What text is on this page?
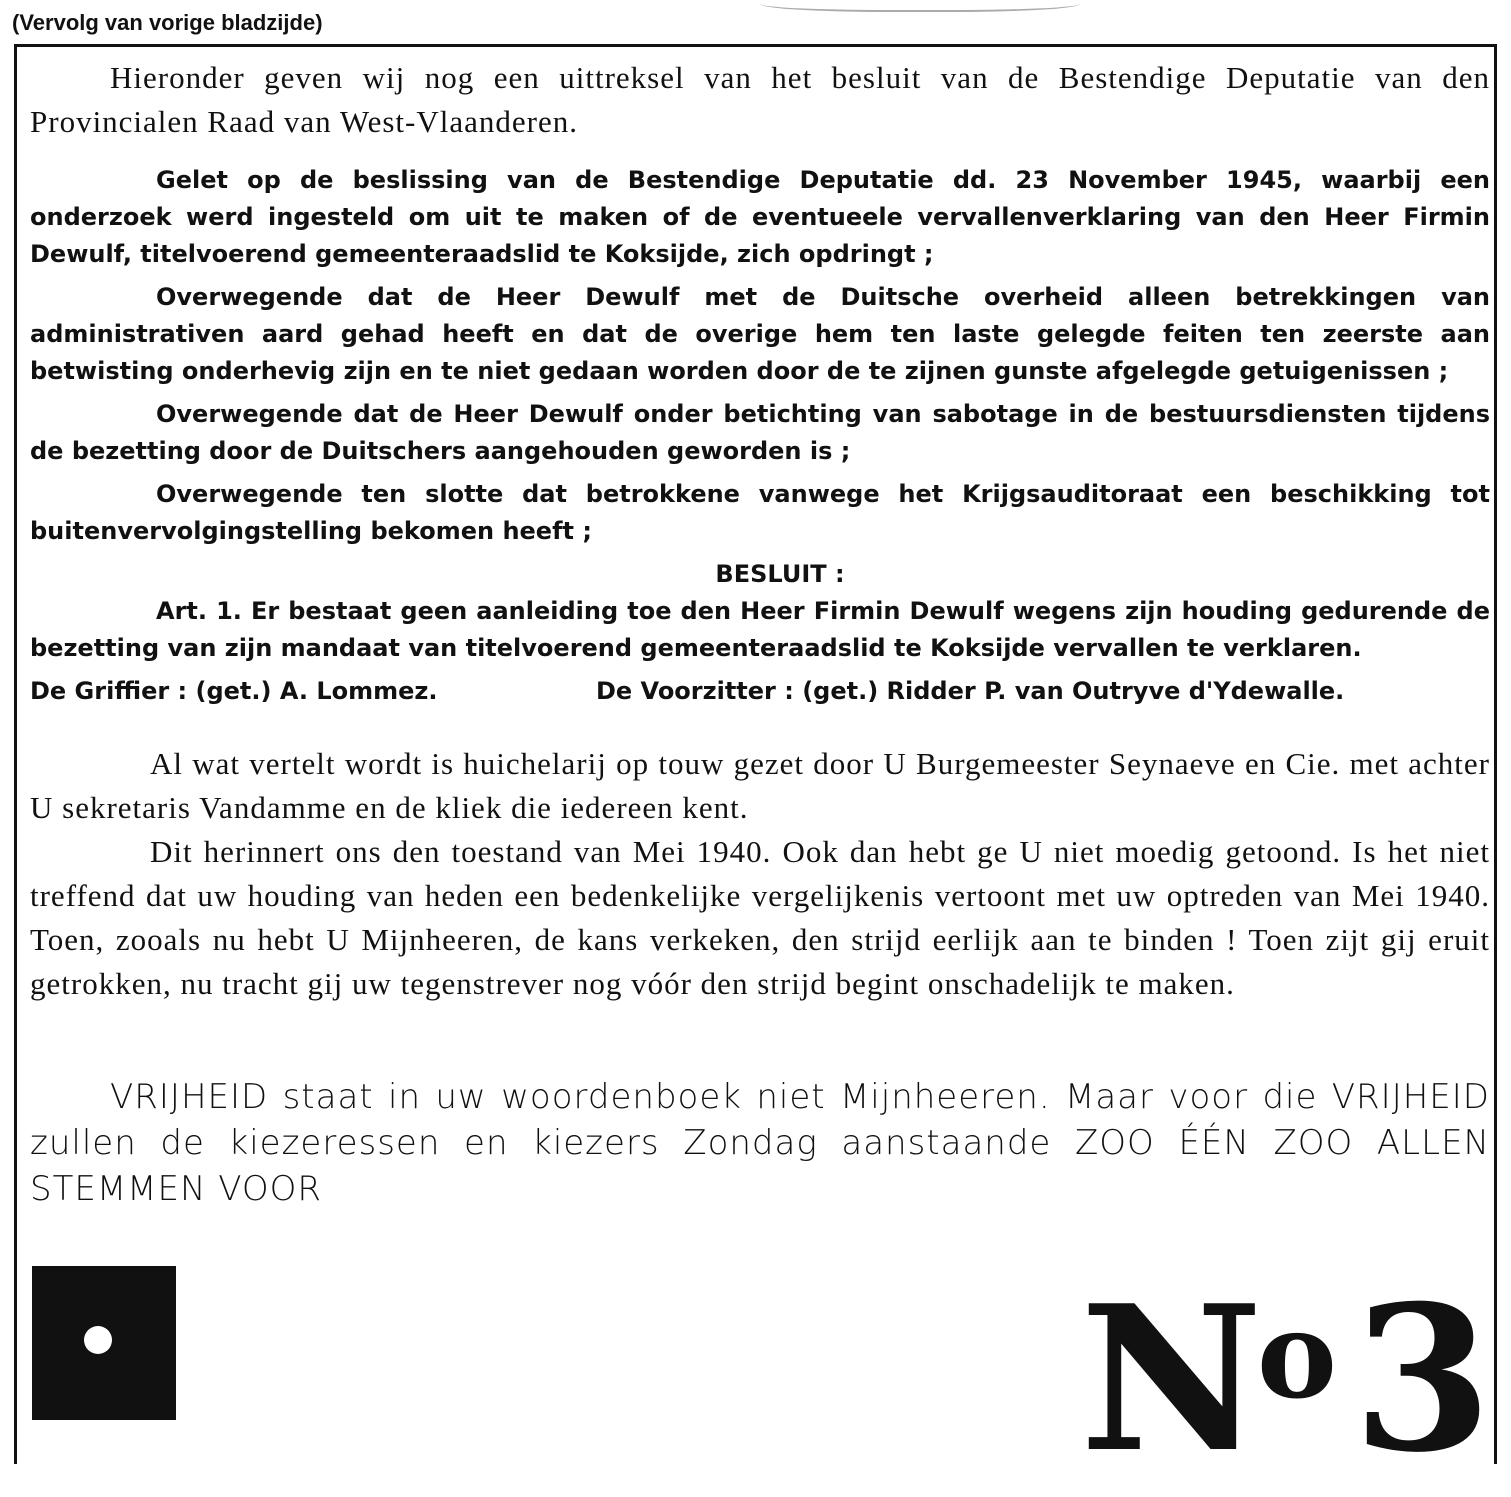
(Vervolg van vorige bladzijde)

Hieronder geven wij nog een uittreksel van het besluit van de Bestendige Deputatie van den Provincialen Raad van West-Vlaanderen.

Gelet op de beslissing van de Bestendige Deputatie dd. 23 November 1945, waarbij een onderzoek werd ingesteld om uit te maken of de eventueele vervallenverklaring van den Heer Firmin Dewulf, titelvoerend gemeenteraadslid te Koksijde, zich opdringt ;

Overwegende dat de Heer Dewulf met de Duitsche overheid alleen betrekkingen van administrativen aard gehad heeft en dat de overige hem ten laste gelegde feiten ten zeerste aan betwisting onderhevig zijn en te niet gedaan worden door de te zijnen gunste afgelegde getuigenissen ;

Overwegende dat de Heer Dewulf onder betichting van sabotage in de bestuursdiensten tijdens de bezetting door de Duitschers aangehouden geworden is ;

Overwegende ten slotte dat betrokkene vanwege het Krijgsauditoraat een beschikking tot buitenvervolgingstelling bekomen heeft ;

BESLUIT :

Art. 1. Er bestaat geen aanleiding toe den Heer Firmin Dewulf wegens zijn houding gedurende de bezetting van zijn mandaat van titelvoerend gemeenteraadslid te Koksijde vervallen te verklaren.

De Griffier : (get.) A. Lommez.	De Voorzitter : (get.) Ridder P. van Outryve d'Ydewalle.

Al wat vertelt wordt is huichelarij op touw gezet door U Burgemeester Seynaeve en Cie. met achter U sekretaris Vandamme en de kliek die iedereen kent.

Dit herinnert ons den toestand van Mei 1940. Ook dan hebt ge U niet moedig getoond. Is het niet treffend dat uw houding van heden een bedenkelijke vergelijkenis vertoont met uw optreden van Mei 1940. Toen, zooals nu hebt U Mijnheeren, de kans verkeken, den strijd eerlijk aan te binden ! Toen zijt gij eruit getrokken, nu tracht gij uw tegenstrever nog vóór den strijd begint onschadelijk te maken.

VRIJHEID staat in uw woordenboek niet Mijnheeren. Maar voor die VRIJHEID zullen de kiezeressen en kiezers Zondag aanstaande ZOO ÉÉN ZOO ALLEN STEMMEN VOOR

$N^o$ 3
